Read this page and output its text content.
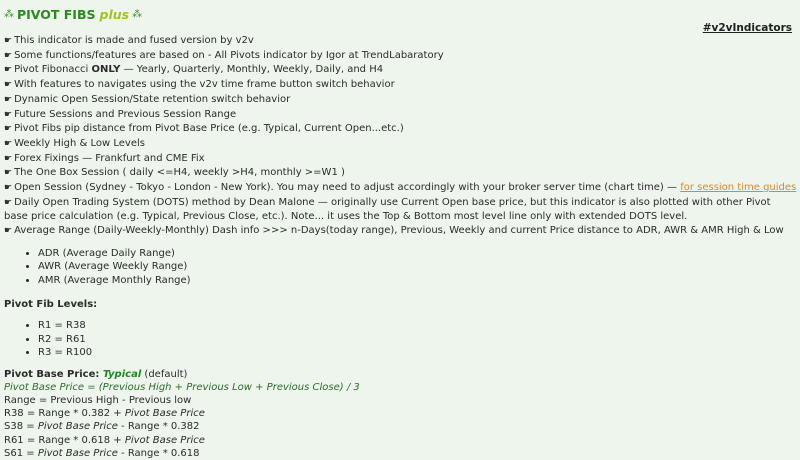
⁂ PIVOT FIBS plus ⁂
#v2vIndicators
☛ This indicator is made and fused version by v2v
☛ Some functions/features are based on - All Pivots indicator by Igor at TrendLabaratory
☛ Pivot Fibonacci ONLY — Yearly, Quarterly, Monthly, Weekly, Daily, and H4
☛ With features to navigates using the v2v time frame button switch behavior
☛ Dynamic Open Session/State retention switch behavior
☛ Future Sessions and Previous Session Range
☛ Pivot Fibs pip distance from Pivot Base Price (e.g. Typical, Current Open...etc.)
☛ Weekly High & Low Levels
☛ Forex Fixings — Frankfurt and CME Fix
☛ The One Box Session ( daily <=H4, weekly >H4, monthly >=W1 )
☛ Open Session (Sydney - Tokyo - London - New York). You may need to adjust accordingly with your broker server time (chart time) — for session time guides
☛ Daily Open Trading System (DOTS) method by Dean Malone — originally use Current Open base price, but this indicator is also plotted with other Pivot base price calculation (e.g. Typical, Previous Close, etc.). Note... it uses the Top & Bottom most level line only with extended DOTS level.
☛ Average Range (Daily-Weekly-Monthly) Dash info >>> n-Days(today range), Previous, Weekly and current Price distance to ADR, AWR & AMR High & Low
• ADR (Average Daily Range)
• AWR (Average Weekly Range)
• AMR (Average Monthly Range)
Pivot Fib Levels:
• R1 = R38
• R2 = R61
• R3 = R100
Pivot Base Price: Typical (default)
Pivot Base Price = (Previous High + Previous Low + Previous Close) / 3
Range = Previous High - Previous low
R38 = Range * 0.382 + Pivot Base Price
S38 = Pivot Base Price - Range * 0.382
R61 = Range * 0.618 + Pivot Base Price
S61 = Pivot Base Price - Range * 0.618
